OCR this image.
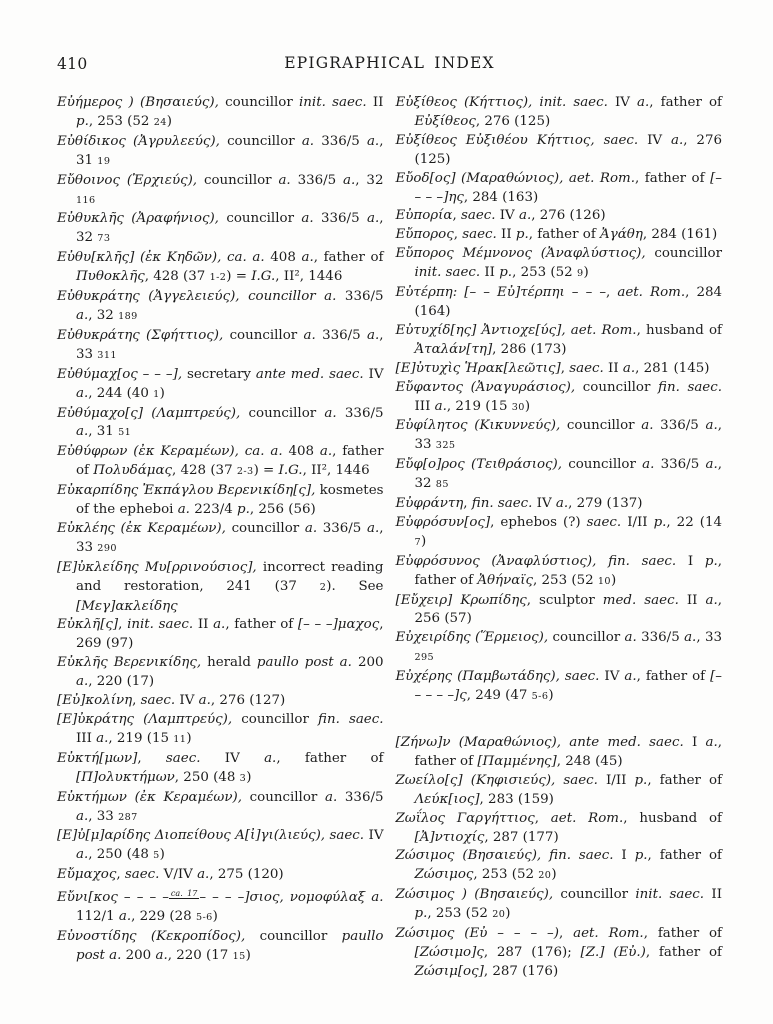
410	EPIGRAPHICAL INDEX

Εὐήμερος ) (Βησαιεύς), councillor init. saec. II p., 253 (52 24)

Εὐθίδικος (Ἀγρυλεεύς), councillor a. 336/5 a., 31 19

Εὔθοινος (Ἐρχιεύς), councillor a. 336/5 a., 32 116

Εὐθυκλῆς (Ἀραφήνιος), councillor a. 336/5 a., 32 73

Εὐθυ[κλῆς] (ἐκ Κηδῶν), ca. a. 408 a., father of Πυθοκλῆς, 428 (37 1-2) = I.G., II², 1446

Εὐθυκράτης (Ἀγγελειεύς), councillor a. 336/5 a., 32 189

Εὐθυκράτης (Σφήττιος), councillor a. 336/5 a., 33 311

Εὐθύμαχ[ος – – –], secretary ante med. saec. IV a., 244 (40 1)

Εὐθύμαχο[ς] (Λαμπτρεύς), councillor a. 336/5 a., 31 51

Εὐθύφρων (ἐκ Κεραμέων), ca. a. 408 a., father of Πολυδάμας, 428 (37 2-3) = I.G., II², 1446

Εὐκαρπίδης Ἐκπάγλου Βερενικίδη[ς], kosmetes of the epheboi a. 223/4 p., 256 (56)

Εὐκλέης (ἐκ Κεραμέων), councillor a. 336/5 a., 33 290

[Ε]ὐκλείδης Μυ[ρρινούσιος], incorrect reading and restoration, 241 (37 2). See [Μεγ]ακλείδης

Εὐκλῆ[ς], init. saec. II a., father of [– – –]μαχος, 269 (97)

Εὐκλῆς Βερενικίδης, herald paullo post a. 200 a., 220 (17)

[Εὐ]κολίνη, saec. IV a., 276 (127)

[Ε]ὐκράτης (Λαμπτρεύς), councillor fin. saec. III a., 219 (15 11)

Εὐκτή[μων], saec. IV a., father of [Π]ολυκτήμων, 250 (48 3)

Εὐκτήμων (ἐκ Κεραμέων), councillor a. 336/5 a., 33 287

[Ε]ὐ[μ]αρίδης Διοπείθους Α[ἰ]γι(λιεύς), saec. IV a., 250 (48 5)

Εὔμαχος, saec. V/IV a., 275 (120)

Εὔνι[κος – – – – $^{ca. 17}$ – – – –]σιος, νομοφύλαξ a. 112/1 a., 229 (28 5-6)

Εὐνοστίδης (Κεκροπίδος), councillor paullo post a. 200 a., 220 (17 15)

Εὐξίθεος (Κήττιος), init. saec. IV a., father of Εὐξίθεος, 276 (125)

Εὐξίθεος Εὐξιθέου Κήττιος, saec. IV a., 276 (125)

Εὔοδ[ος] (Μαραθώνιος), aet. Rom., father of [– – – –]ης, 284 (163)

Εὐπορία, saec. IV a., 276 (126)

Εὔπορος, saec. II p., father of Ἀγάθη, 284 (161)

Εὔπορος Μέμνονος (Ἀναφλύστιος), councillor init. saec. II p., 253 (52 9)

Εὐτέρπη: [– – Εὐ]τέρπηι – – –, aet. Rom., 284 (164)

Εὐτυχίδ[ης] Ἀντιοχε[ύς], aet. Rom., husband of Ἀταλάν[τη], 286 (173)

[Ε]ὐτυχὶς Ἡρακ[λεῶτις], saec. II a., 281 (145)

Εὔφαντος (Ἀναγυράσιος), councillor fin. saec. III a., 219 (15 30)

Εὐφίλητος (Κικυννεύς), councillor a. 336/5 a., 33 325

Εὔφ[ο]ρος (Τειθράσιος), councillor a. 336/5 a., 32 85

Εὐφράντη, fin. saec. IV a., 279 (137)

Εὐφρόσυν[ος], ephebos (?) saec. I/II p., 22 (14 7)

Εὐφρόσυνος (Ἀναφλύστιος), fin. saec. I p., father of Ἀθήναϊς, 253 (52 10)

[Εὔχειρ] Κρωπίδης, sculptor med. saec. II a., 256 (57)

Εὐχειρίδης (Ἕρμειος), councillor a. 336/5 a., 33 295

Εὐχέρης (Παμβωτάδης), saec. IV a., father of [– – – – –]ς, 249 (47 5-6)

[Ζήνω]ν (Μαραθώνιος), ante med. saec. I a., father of [Παμμένης], 248 (45)

Ζωείλο[ς] (Κηφισιεύς), saec. I/II p., father of Λεύκ[ιος], 283 (159)

Ζωΐλος Γαργήττιος, aet. Rom., husband of [Ἀ]ντιοχίς, 287 (177)

Ζώσιμος (Βησαιεύς), fin. saec. I p., father of Ζώσιμος, 253 (52 20)

Ζώσιμος ) (Βησαιεύς), councillor init. saec. II p., 253 (52 20)

Ζώσιμος (Εὐ – – – –), aet. Rom., father of [Ζώσιμο]ς, 287 (176); [Ζ.] (Εὐ.), father of Ζώσιμ[ος], 287 (176)
